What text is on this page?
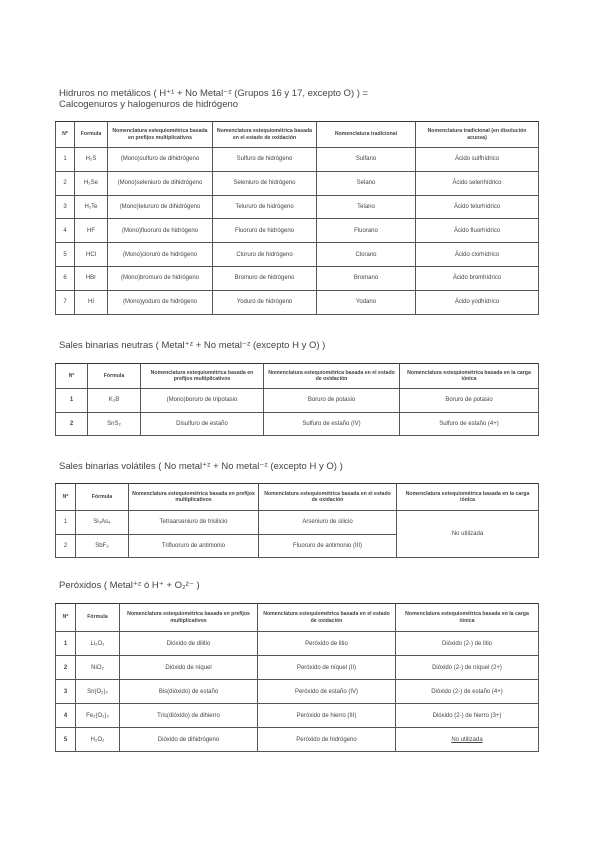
Hidruros no metálicos ( H⁺¹ + No Metal⁻ᶻ (Grupos 16 y 17, excepto O) ) =
Calcogenuros y halogenuros de hidrógeno
Nº	Formula	Nomenclatura estequiométrica basada en prefijos multiplicativos	Nomenclatura estequiométrica basada en el estado de oxidación	Nomenclatura tradicional	Nomenclatura tradicional (en disolución acuosa)
1	H₂S	(Mono)sulfuro de dihidrógeno	Sulfuro de hidrógeno	Sulfano	Ácido sulfhídrico
2	H₂Se	(Mono)seleniuro de dihidrógeno	Seleniuro de hidrógeno	Selano	Ácido selenhídrico
3	H₂Te	(Mono)telururo de dihidrógeno	Telururo de hidrógeno	Telano	Ácido telurhídrico
4	HF	(Mono)fluoruro de hidrógeno	Fluoruro de hidrógeno	Fluorano	Ácido fluorhídrico
5	HCl	(Mono)cloruro de hidrógeno	Cloruro de hidrógeno	Clorano	Ácido clorhídrico
6	HBr	(Mono)bromuro de hidrógeno	Bromuro de hidrógeno	Bromano	Ácido bromhídrico
7	HI	(Mono)yoduro de hidrógeno	Yoduro de hidrógeno	Yodano	Ácido yodhídrico
Sales binarias neutras ( Metal⁺ᶻ + No metal⁻ᶻ (excepto H y O) )
Nº	Fórmula	Nomenclatura estequiométrica basada en prefijos multiplicativos	Nomenclatura estequiométrica basada en el estado de oxidación	Nomenclatura estequiométrica basada en la carga iónica
1	K₃B	(Mono)boruro de tripotasio	Boruro de potasio	Boruro de potasio
2	SnS₂	Disulfuro de estaño	Sulfuro de estaño (IV)	Sulfuro de estaño (4+)
Sales binarias volátiles ( No metal⁺ᶻ + No metal⁻ᶻ (excepto H y O) )
Nº	Fórmula	Nomenclatura estequiométrica basada en prefijos multiplicativos	Nomenclatura estequiométrica basada en el estado de oxidación	Nomenclatura estequiométrica basada en la carga iónica
1	Si₃As₄	Tetraarseniuro de trisilicio	Arseniuro de silicio	No utilizada
2	SbF₃	Trifluoruro de antimonio	Fluoruro de antimonio (III)	
Peróxidos ( Metal⁺ᶻ ó H⁺ + O₂²⁻ )
Nº	Fórmula	Nomenclatura estequiométrica basada en prefijos multiplicativos	Nomenclatura estequiométrica basada en el estado de oxidación	Nomenclatura estequiométrica basada en la carga iónica
1	Li₂O₂	Dióxido de dilitio	Peróxido de litio	Dióxido (2-) de litio
2	NiO₂	Dióxido de níquel	Peróxido de níquel (II)	Dióxido (2-) de níquel (2+)
3	Sn(O₂)₂	Bis(dióxido) de estaño	Peróxido de estaño (IV)	Dióxido (2-) de estaño (4+)
4	Fe₂(O₂)₃	Tris(dióxido) de dihierro	Peróxido de hierro (III)	Dióxido (2-) de hierro (3+)
5	H₂O₂	Dióxido de dihidrógeno	Peróxido de hidrógeno	No utilizada
